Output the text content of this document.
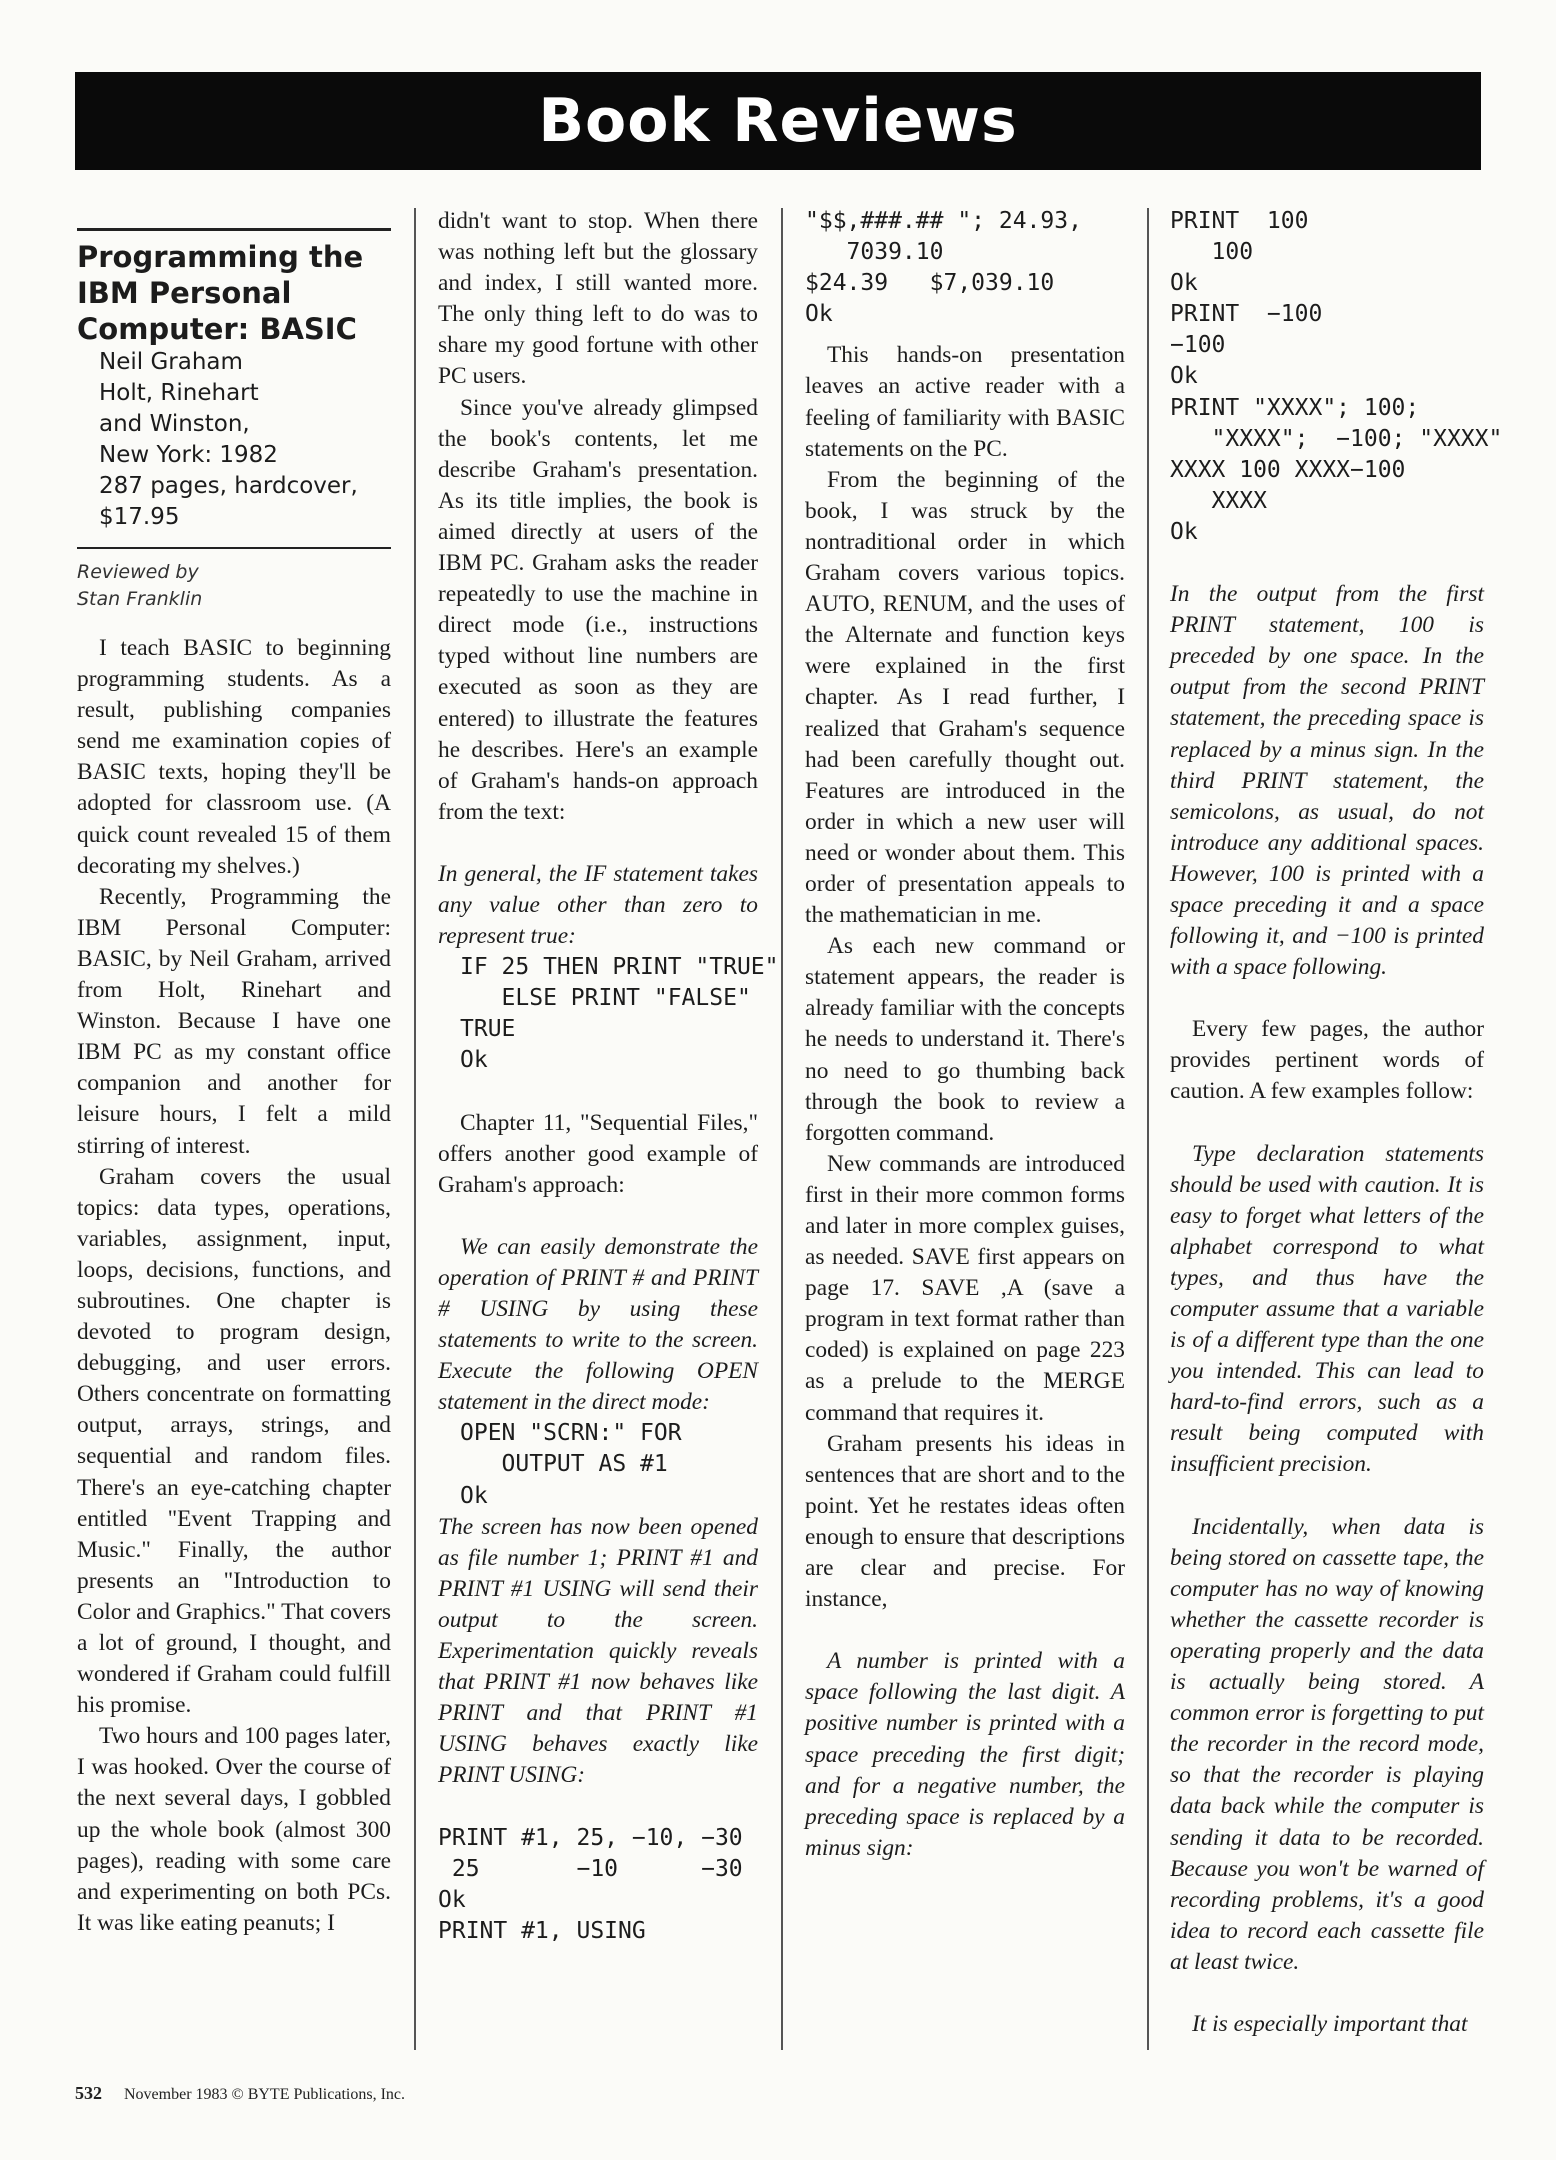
Book Reviews
Programming the IBM Personal Computer: BASIC

Neil Graham

Holt, Rinehart

and Winston,

New York: 1982

287 pages, hardcover,

$17.95

Reviewed by
Stan Franklin

I teach BASIC to beginning programming students. As a result, publishing companies send me examination copies of BASIC texts, hoping they'll be adopted for classroom use. (A quick count revealed 15 of them decorating my shelves.)

Recently, Programming the IBM Personal Computer: BASIC, by Neil Graham, arrived from Holt, Rinehart and Winston. Because I have one IBM PC as my constant office companion and another for leisure hours, I felt a mild stirring of interest.

Graham covers the usual topics: data types, operations, variables, assignment, input, loops, decisions, functions, and subroutines. One chapter is devoted to program design, debugging, and user errors. Others concentrate on formatting output, arrays, strings, and sequential and random files. There's an eye-catching chapter entitled "Event Trapping and Music." Finally, the author presents an "Introduction to Color and Graphics." That covers a lot of ground, I thought, and wondered if Graham could fulfill his promise.

Two hours and 100 pages later, I was hooked. Over the course of the next several days, I gobbled up the whole book (almost 300 pages), reading with some care and experimenting on both PCs. It was like eating peanuts; I

didn't want to stop. When there was nothing left but the glossary and index, I still wanted more. The only thing left to do was to share my good fortune with other PC users.

Since you've already glimpsed the book's contents, let me describe Graham's presentation. As its title implies, the book is aimed directly at users of the IBM PC. Graham asks the reader repeatedly to use the machine in direct mode (i.e., instructions typed without line numbers are executed as soon as they are entered) to illustrate the features he describes. Here's an example of Graham's hands-on approach from the text:

In general, the IF statement takes any value other than zero to represent true:

IF 25 THEN PRINT "TRUE"
ELSE PRINT "FALSE"
TRUE
Ok

Chapter 11, "Sequential Files," offers another good example of Graham's approach:

We can easily demonstrate the operation of PRINT # and PRINT # USING by using these statements to write to the screen. Execute the following OPEN statement in the direct mode:

OPEN "SCRN:" FOR
OUTPUT AS #1
Ok

The screen has now been opened as file number 1; PRINT #1 and PRINT #1 USING will send their output to the screen. Experimentation quickly reveals that PRINT #1 now behaves like PRINT and that PRINT #1 USING behaves exactly like PRINT USING:

PRINT #1, 25, −10, −30
25       −10      −30
Ok
PRINT #1, USING
"$$,###.## "; 24.93,
7039.10
$24.39   $7,039.10
Ok

This hands-on presentation leaves an active reader with a feeling of familiarity with BASIC statements on the PC.

From the beginning of the book, I was struck by the nontraditional order in which Graham covers various topics. AUTO, RENUM, and the uses of the Alternate and function keys were explained in the first chapter. As I read further, I realized that Graham's sequence had been carefully thought out. Features are introduced in the order in which a new user will need or wonder about them. This order of presentation appeals to the mathematician in me.

As each new command or statement appears, the reader is already familiar with the concepts he needs to understand it. There's no need to go thumbing back through the book to review a forgotten command.

New commands are introduced first in their more common forms and later in more complex guises, as needed. SAVE first appears on page 17. SAVE ,A (save a program in text format rather than coded) is explained on page 223 as a prelude to the MERGE command that requires it.

Graham presents his ideas in sentences that are short and to the point. Yet he restates ideas often enough to ensure that descriptions are clear and precise. For instance,

A number is printed with a space following the last digit. A positive number is printed with a space preceding the first digit; and for a negative number, the preceding space is replaced by a minus sign:

PRINT  100
100
Ok
PRINT  −100
−100
Ok
PRINT "XXXX"; 100;
"XXXX";  −100; "XXXX"
XXXX 100 XXXX−100
XXXX
Ok

In the output from the first PRINT statement, 100 is preceded by one space. In the output from the second PRINT statement, the preceding space is replaced by a minus sign. In the third PRINT statement, the semicolons, as usual, do not introduce any additional spaces. However, 100 is printed with a space preceding it and a space following it, and −100 is printed with a space following.

Every few pages, the author provides pertinent words of caution. A few examples follow:

Type declaration statements should be used with caution. It is easy to forget what letters of the alphabet correspond to what types, and thus have the computer assume that a variable is of a different type than the one you intended. This can lead to hard-to-find errors, such as a result being computed with insufficient precision.

Incidentally, when data is being stored on cassette tape, the computer has no way of knowing whether the cassette recorder is operating properly and the data is actually being stored. A common error is forgetting to put the recorder in the record mode, so that the recorder is playing data back while the computer is sending it data to be recorded. Because you won't be warned of recording problems, it's a good idea to record each cassette file at least twice.

It is especially important that

532 November 1983 © BYTE Publications, Inc.
